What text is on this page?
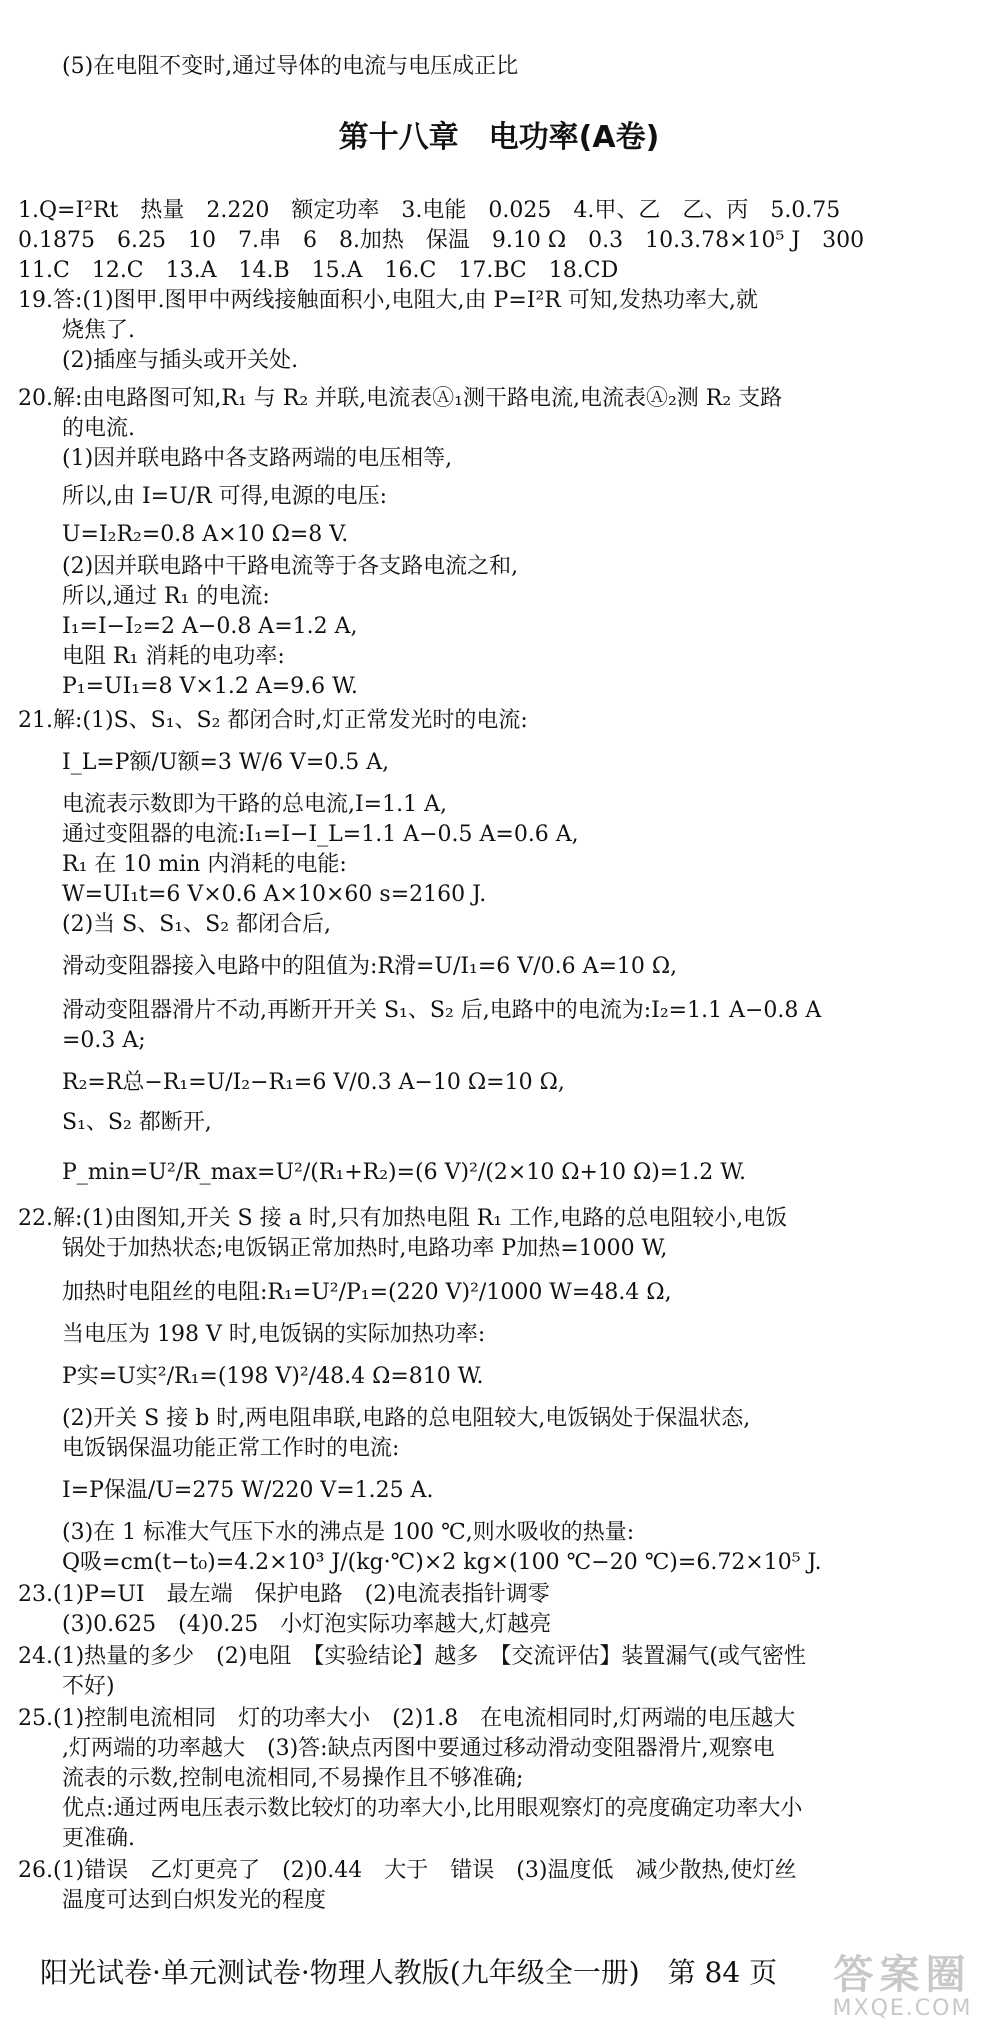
(5)在电阻不变时,通过导体的电流与电压成正比
第十八章　电功率(A卷)
1.Q=I²Rt　热量　2.220　额定功率　3.电能　0.025　4.甲、乙　乙、丙　5.0.75
0.1875　6.25　10　7.串　6　8.加热　保温　9.10 Ω　0.3　10.3.78×10⁵ J　300
11.C　12.C　13.A　14.B　15.A　16.C　17.BC　18.CD
19.答:(1)图甲.图甲中两线接触面积小,电阻大,由 P=I²R 可知,发热功率大,就
　　烧焦了.
　　(2)插座与插头或开关处.
20.解:由电路图可知,R₁ 与 R₂ 并联,电流表Ⓐ₁测干路电流,电流表Ⓐ₂测 R₂ 支路
　　的电流.
　　(1)因并联电路中各支路两端的电压相等,
　　所以,由 I=U/R 可得,电源的电压:
　　U=I₂R₂=0.8 A×10 Ω=8 V.
　　(2)因并联电路中干路电流等于各支路电流之和,
　　所以,通过 R₁ 的电流:
　　I₁=I−I₂=2 A−0.8 A=1.2 A,
　　电阻 R₁ 消耗的电功率:
　　P₁=UI₁=8 V×1.2 A=9.6 W.
21.解:(1)S、S₁、S₂ 都闭合时,灯正常发光时的电流:
　　I_L=P额/U额=3 W/6 V=0.5 A,
　　电流表示数即为干路的总电流,I=1.1 A,
　　通过变阻器的电流:I₁=I−I_L=1.1 A−0.5 A=0.6 A,
　　R₁ 在 10 min 内消耗的电能:
　　W=UI₁t=6 V×0.6 A×10×60 s=2160 J.
　　(2)当 S、S₁、S₂ 都闭合后,
　　滑动变阻器接入电路中的阻值为:R滑=U/I₁=6 V/0.6 A=10 Ω,
　　滑动变阻器滑片不动,再断开开关 S₁、S₂ 后,电路中的电流为:I₂=1.1 A−0.8 A
　　=0.3 A;
　　R₂=R总−R₁=U/I₂−R₁=6 V/0.3 A−10 Ω=10 Ω,
　　S₁、S₂ 都断开,
　　P_min=U²/R_max=U²/(R₁+R₂)=(6 V)²/(2×10 Ω+10 Ω)=1.2 W.
22.解:(1)由图知,开关 S 接 a 时,只有加热电阻 R₁ 工作,电路的总电阻较小,电饭
　　锅处于加热状态;电饭锅正常加热时,电路功率 P加热=1000 W,
　　加热时电阻丝的电阻:R₁=U²/P₁=(220 V)²/1000 W=48.4 Ω,
　　当电压为 198 V 时,电饭锅的实际加热功率:
　　P实=U实²/R₁=(198 V)²/48.4 Ω=810 W.
　　(2)开关 S 接 b 时,两电阻串联,电路的总电阻较大,电饭锅处于保温状态,
　　电饭锅保温功能正常工作时的电流:
　　I=P保温/U=275 W/220 V=1.25 A.
　　(3)在 1 标准大气压下水的沸点是 100 ℃,则水吸收的热量:
　　Q吸=cm(t−t₀)=4.2×10³ J/(kg·℃)×2 kg×(100 ℃−20 ℃)=6.72×10⁵ J.
23.(1)P=UI　最左端　保护电路　(2)电流表指针调零
　　(3)0.625　(4)0.25　小灯泡实际功率越大,灯越亮
24.(1)热量的多少　(2)电阻　【实验结论】越多　【交流评估】装置漏气(或气密性
　　不好)
25.(1)控制电流相同　灯的功率大小　(2)1.8　在电流相同时,灯两端的电压越大
　　,灯两端的功率越大　(3)答:缺点丙图中要通过移动滑动变阻器滑片,观察电
　　流表的示数,控制电流相同,不易操作且不够准确;
　　优点:通过两电压表示数比较灯的功率大小,比用眼观察灯的亮度确定功率大小
　　更准确.
26.(1)错误　乙灯更亮了　(2)0.44　大于　错误　(3)温度低　减少散热,使灯丝
　　温度可达到白炽发光的程度
阳光试卷·单元测试卷·物理人教版(九年级全一册)　第 84 页	答案圈
MXQE.COM
